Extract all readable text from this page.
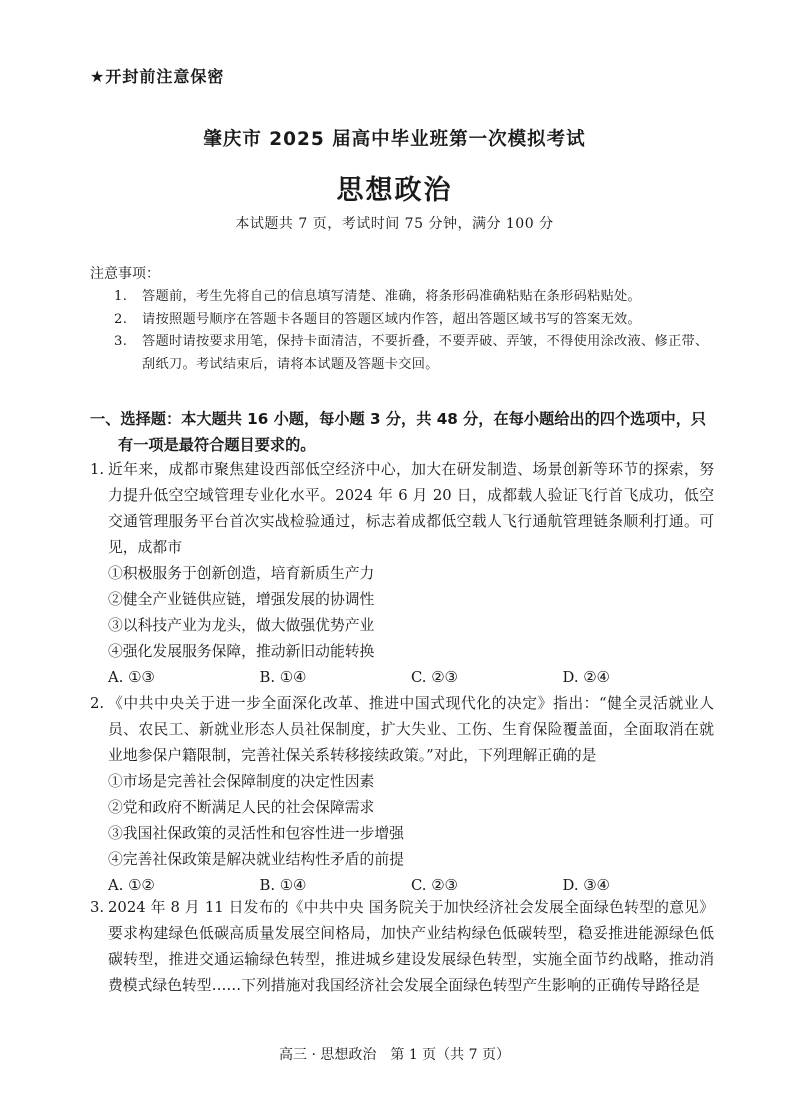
★开封前注意保密
肇庆市 2025 届高中毕业班第一次模拟考试
思想政治
本试题共 7 页，考试时间 75 分钟，满分 100 分
注意事项：
1. 答题前，考生先将自己的信息填写清楚、准确，将条形码准确粘贴在条形码粘贴处。
2. 请按照题号顺序在答题卡各题目的答题区域内作答，超出答题区域书写的答案无效。
3. 答题时请按要求用笔，保持卡面清洁，不要折叠，不要弄破、弄皱，不得使用涂改液、修正带、刮纸刀。考试结束后，请将本试题及答题卡交回。
一、选择题：本大题共 16 小题，每小题 3 分，共 48 分，在每小题给出的四个选项中，只
有一项是最符合题目要求的。
1. 近年来，成都市聚焦建设西部低空经济中心，加大在研发制造、场景创新等环节的探索，努力提升低空空域管理专业化水平。2024 年 6 月 20 日，成都载人验证飞行首飞成功，低空交通管理服务平台首次实战检验通过，标志着成都低空载人飞行通航管理链条顺利打通。可见，成都市
①积极服务于创新创造，培育新质生产力
②健全产业链供应链，增强发展的协调性
③以科技产业为龙头，做大做强优势产业
④强化发展服务保障，推动新旧动能转换
A. ①③	B. ①④	C. ②③	D. ②④
2. 《中共中央关于进一步全面深化改革、推进中国式现代化的决定》指出：“健全灵活就业人员、农民工、新就业形态人员社保制度，扩大失业、工伤、生育保险覆盖面，全面取消在就业地参保户籍限制，完善社保关系转移接续政策。”对此，下列理解正确的是
①市场是完善社会保障制度的决定性因素
②党和政府不断满足人民的社会保障需求
③我国社保政策的灵活性和包容性进一步增强
④完善社保政策是解决就业结构性矛盾的前提
A. ①②	B. ①④	C. ②③	D. ③④
3. 2024 年 8 月 11 日发布的《中共中央 国务院关于加快经济社会发展全面绿色转型的意见》要求构建绿色低碳高质量发展空间格局，加快产业结构绿色低碳转型，稳妥推进能源绿色低碳转型，推进交通运输绿色转型，推进城乡建设发展绿色转型，实施全面节约战略，推动消费模式绿色转型……下列措施对我国经济社会发展全面绿色转型产生影响的正确传导路径是
高三 · 思想政治　第 1 页（共 7 页）
